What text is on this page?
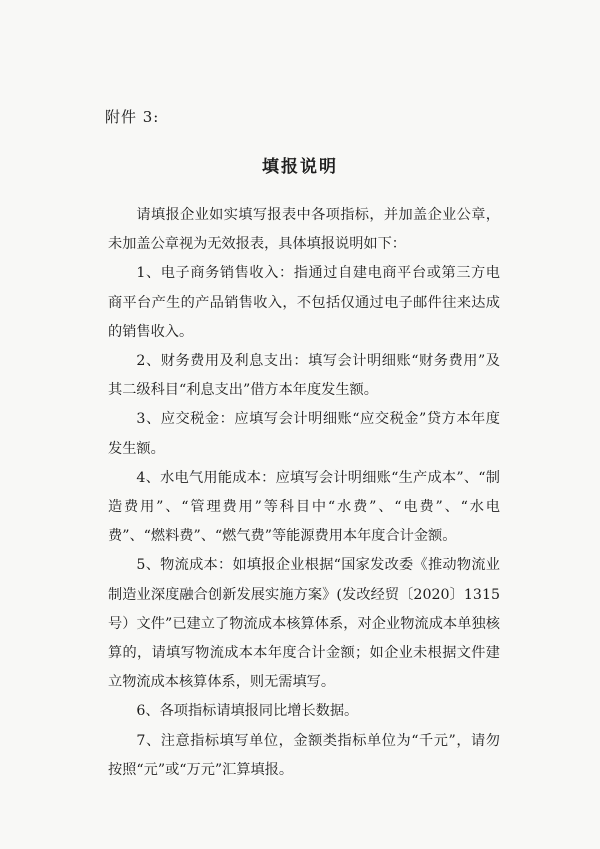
附件 3:
填报说明

请填报企业如实填写报表中各项指标，并加盖企业公章，未加盖公章视为无效报表，具体填报说明如下：

1、电子商务销售收入：指通过自建电商平台或第三方电商平台产生的产品销售收入，不包括仅通过电子邮件往来达成的销售收入。

2、财务费用及利息支出：填写会计明细账“财务费用”及其二级科目“利息支出”借方本年度发生额。

3、应交税金：应填写会计明细账“应交税金”贷方本年度发生额。

4、水电气用能成本：应填写会计明细账“生产成本”、“制造费用”、“管理费用”等科目中“水费”、“电费”、“水电费”、“燃料费”、“燃气费”等能源费用本年度合计金额。

5、物流成本：如填报企业根据“国家发改委《推动物流业制造业深度融合创新发展实施方案》(发改经贸〔2020〕1315号）文件”已建立了物流成本核算体系，对企业物流成本单独核算的，请填写物流成本本年度合计金额；如企业未根据文件建立物流成本核算体系，则无需填写。

6、各项指标请填报同比增长数据。

7、注意指标填写单位，金额类指标单位为“千元”，请勿按照“元”或“万元”汇算填报。
